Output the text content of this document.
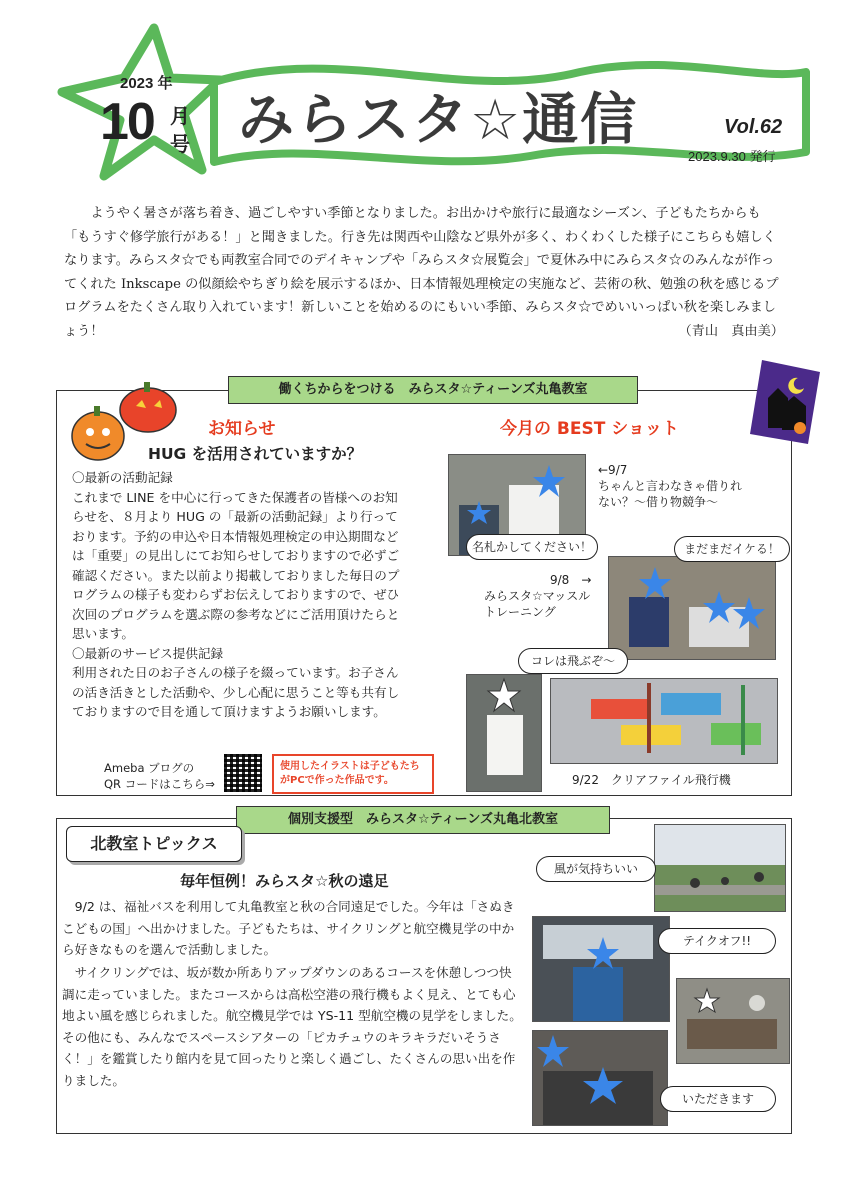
2023 年
10 月
号 みらスタ☆通信	Vol.62
2023.9.30 発行
ようやく暑さが落ち着き、過ごしやすい季節となりました。お出かけや旅行に最適なシーズン、子どもたちからも「もうすぐ修学旅行がある！」と聞きました。行き先は関西や山陰など県外が多く、わくわくした様子にこちらも嬉しくなります。みらスタ☆でも両教室合同でのデイキャンプや「みらスタ☆展覧会」で夏休み中にみらスタ☆のみんなが作ってくれた Inkscape の似顔絵やちぎり絵を展示するほか、日本情報処理検定の実施など、芸術の秋、勉強の秋を感じるプログラムをたくさん取り入れています！新しいことを始めるのにもいい季節、みらスタ☆でめいいっぱい秋を楽しみましょう！	（青山　真由美）
働くちからをつける　みらスタ☆ティーンズ丸亀教室
お知らせ	今月の BEST ショット
HUG を活用されていますか？
〇最新の活動記録
これまで LINE を中心に行ってきた保護者の皆様へのお知らせを、８月より HUG の「最新の活動記録」より行っております。予約の申込や日本情報処理検定の申込期間などは「重要」の見出しにてお知らせしておりますので必ずご確認ください。また以前より掲載しておりました毎日のプログラムの様子も変わらずお伝えしておりますので、ぜひ次回のプログラムを選ぶ際の参考などにご活用頂けたらと思います。
〇最新のサービス提供記録
利用された日のお子さんの様子を綴っています。お子さんの活き活きとした活動や、少し心配に思うこと等も共有しておりますので目を通して頂けますようお願いします。
Ameba ブログの
QR コードはこちら⇒
使用したイラストは子どもたち
がPCで作った作品です。
←9/7
ちゃんと言わなきゃ借りれ
ない？～借り物競争～
名札かしてください！
9/8　→
みらスタ☆マッスル
トレーニング
まだまだイケる！
コレは飛ぶぞ～
9/22　クリアファイル飛行機
個別支援型　みらスタ☆ティーンズ丸亀北教室
北教室トピックス
毎年恒例！みらスタ☆秋の遠足
9/2 は、福祉バスを利用して丸亀教室と秋の合同遠足でした。今年は「さぬきこどもの国」へ出かけました。子どもたちは、サイクリングと航空機見学の中から好きなものを選んで活動しました。
サイクリングでは、坂が数か所ありアップダウンのあるコースを休憩しつつ快調に走っていました。またコースからは高松空港の飛行機もよく見え、とても心地よい風を感じられました。航空機見学では YS-11 型航空機の見学をしました。その他にも、みんなでスペースシアターの「ピカチュウのキラキラだいそうさく！」を鑑賞したり館内を見て回ったりと楽しく過ごし、たくさんの思い出を作りました。
風が気持ちいい
テイクオフ!!
いただきます
